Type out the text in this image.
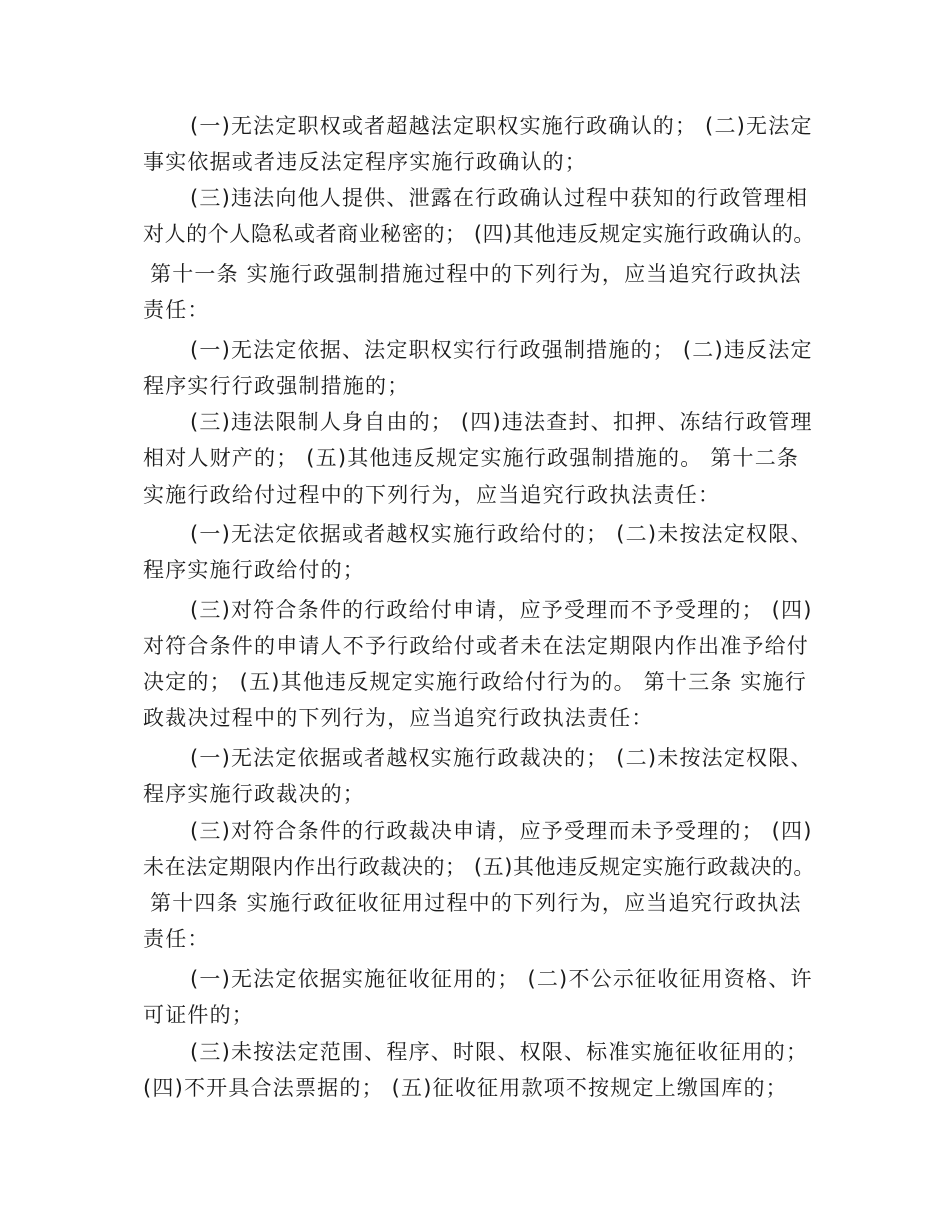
(一)无法定职权或者超越法定职权实施行政确认的； (二)无法定
事实依据或者违反法定程序实施行政确认的；
(三)违法向他人提供、泄露在行政确认过程中获知的行政管理相
对人的个人隐私或者商业秘密的； (四)其他违反规定实施行政确认的。
第十一条 实施行政强制措施过程中的下列行为，应当追究行政执法
责任：
(一)无法定依据、法定职权实行行政强制措施的； (二)违反法定
程序实行行政强制措施的；
(三)违法限制人身自由的； (四)违法查封、扣押、冻结行政管理
相对人财产的； (五)其他违反规定实施行政强制措施的。 第十二条
实施行政给付过程中的下列行为，应当追究行政执法责任：
(一)无法定依据或者越权实施行政给付的； (二)未按法定权限、
程序实施行政给付的；
(三)对符合条件的行政给付申请，应予受理而不予受理的； (四)
对符合条件的申请人不予行政给付或者未在法定期限内作出准予给付
决定的； (五)其他违反规定实施行政给付行为的。 第十三条 实施行
政裁决过程中的下列行为，应当追究行政执法责任：
(一)无法定依据或者越权实施行政裁决的； (二)未按法定权限、
程序实施行政裁决的；
(三)对符合条件的行政裁决申请，应予受理而未予受理的； (四)
未在法定期限内作出行政裁决的； (五)其他违反规定实施行政裁决的。
第十四条 实施行政征收征用过程中的下列行为，应当追究行政执法
责任：
(一)无法定依据实施征收征用的； (二)不公示征收征用资格、许
可证件的；
(三)未按法定范围、程序、时限、权限、标准实施征收征用的；
(四)不开具合法票据的； (五)征收征用款项不按规定上缴国库的；
